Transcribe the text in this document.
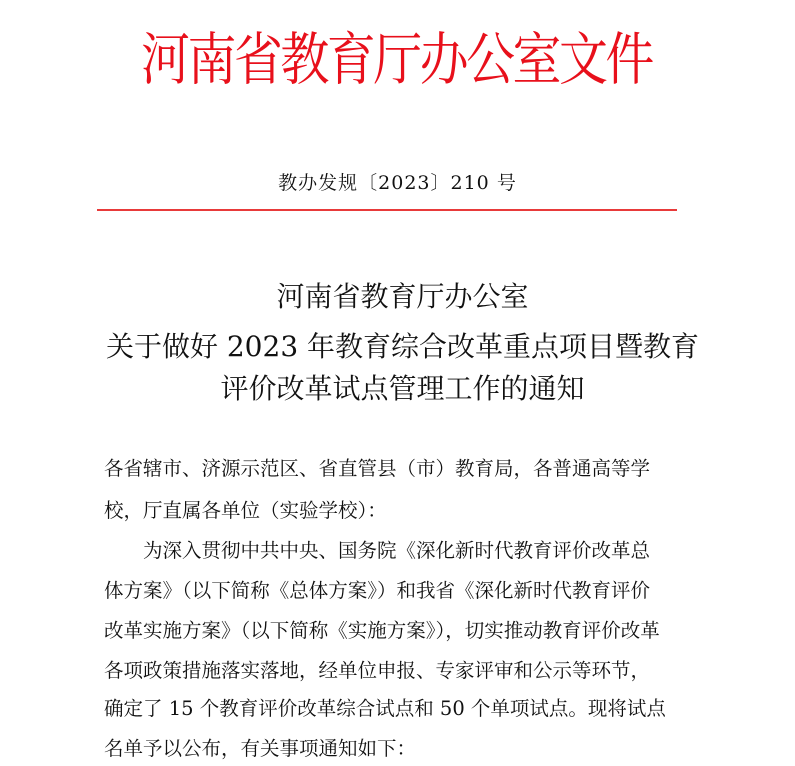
河南省教育厅办公室文件
教办发规〔2023〕210 号
河南省教育厅办公室
关于做好 2023 年教育综合改革重点项目暨教育
评价改革试点管理工作的通知
各省辖市、济源示范区、省直管县（市）教育局，各普通高等学
校，厅直属各单位（实验学校）：
　　为深入贯彻中共中央、国务院《深化新时代教育评价改革总
体方案》（以下简称《总体方案》）和我省《深化新时代教育评价
改革实施方案》（以下简称《实施方案》），切实推动教育评价改革
各项政策措施落实落地，经单位申报、专家评审和公示等环节，
确定了 15 个教育评价改革综合试点和 50 个单项试点。现将试点
名单予以公布，有关事项通知如下：
